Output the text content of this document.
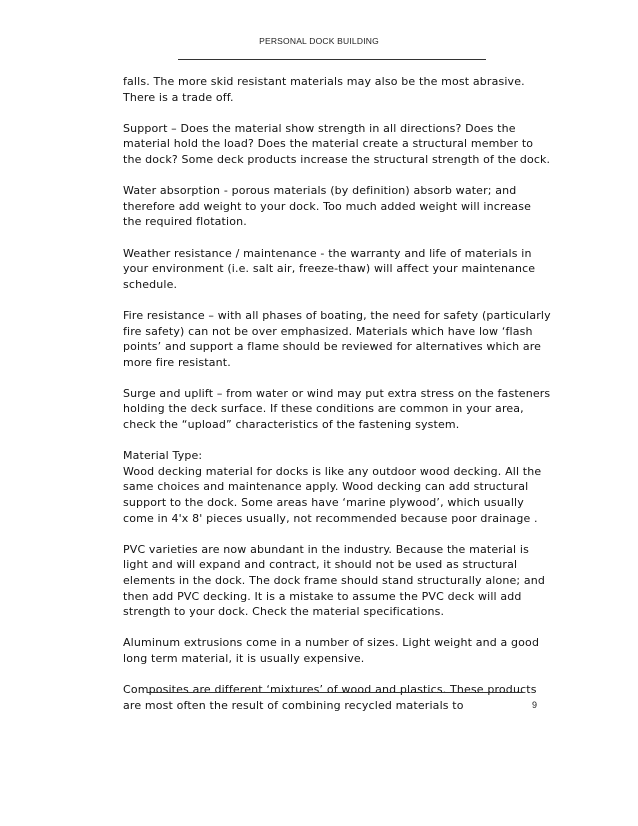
PERSONAL DOCK BUILDING

falls. The more skid resistant materials may also be the most abrasive. There is a trade off.

Support – Does the material show strength in all directions? Does the material hold the load? Does the material create a structural member to the dock? Some deck products increase the structural strength of the dock.

Water absorption - porous materials (by definition) absorb water; and therefore add weight to your dock. Too much added weight will increase the required flotation.

Weather resistance / maintenance - the warranty and life of materials in your environment (i.e. salt air, freeze-thaw) will affect your maintenance schedule.

Fire resistance – with all phases of boating, the need for safety (particularly fire safety) can not be over emphasized. Materials which have low ‘flash points’ and support a flame should be reviewed for alternatives which are more fire resistant.

Surge and uplift – from water or wind may put extra stress on the fasteners holding the deck surface. If these conditions are common in your area, check the “upload” characteristics of the fastening system.

Material Type:
Wood decking material for docks is like any outdoor wood decking. All the same choices and maintenance apply. Wood decking can add structural support to the dock. Some areas have ‘marine plywood’, which usually come in 4'x 8' pieces usually, not recommended because poor drainage .

PVC varieties are now abundant in the industry. Because the material is light and will expand and contract, it should not be used as structural elements in the dock. The dock frame should stand structurally alone; and then add PVC decking. It is a mistake to assume the PVC deck will add strength to your dock. Check the material specifications.

Aluminum extrusions come in a number of sizes. Light weight and a good long term material, it is usually expensive.

Composites are different ‘mixtures’ of wood and plastics. These products are most often the result of combining recycled materials to	9
